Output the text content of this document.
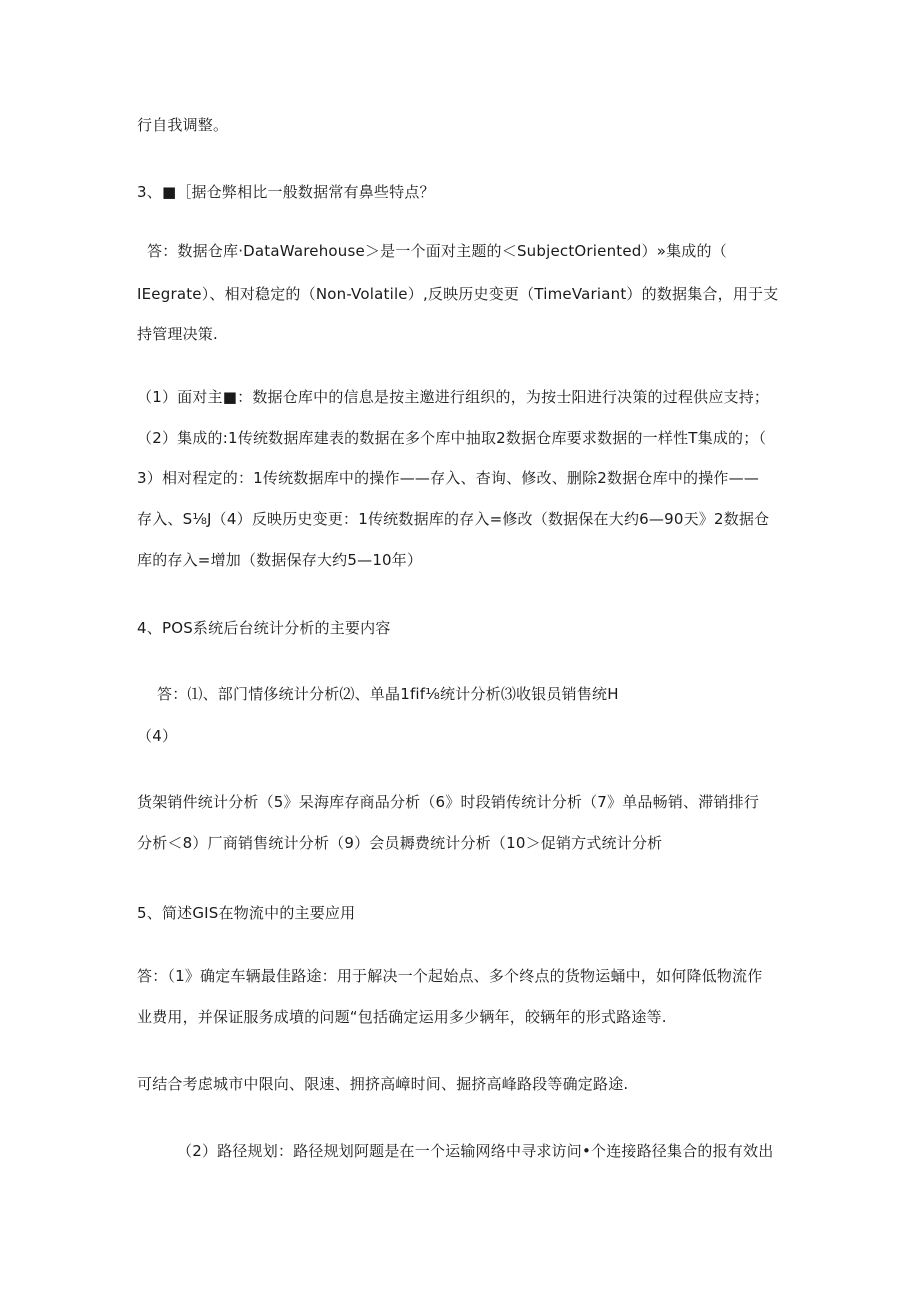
行自我调整。
3、■［据仓弊相比一般数据常有鼻些特点？
答：数据仓库·DataWarehouse＞是一个面对主题的＜SubjectOriented）»集成的（
IEegrate）、相对稳定的（Non-Volatile）,反映历史变更（TimeVariant）的数据集合，用于支
持管理决策.
（1）面对主■：数据仓库中的信息是按主邀进行组织的，为按士阳进行决策的过程供应支持；
（2）集成的:1传统数据库建表的数据在多个库中抽取2数据仓库要求数据的一样性T集成的；（
3）相对程定的：1传统数据库中的操作——存入、杳询、修改、删除2数据仓库中的操作——
存入、S⅛J（4）反映历史变更：1传统数据库的存入=修改（数据保在大约6—90天》2数据仓
库的存入=增加（数据保存大约5—10年）
4、POS系统后台统计分析的主要内容
答：⑴、部门情侈统计分析⑵、单晶1fif⅛统计分析⑶收银员销售统H
（4）
货架销件统计分析（5》呆海库存商品分析（6》时段销传统计分析（7》单品畅销、滞销排行
分析＜8）厂商销售统计分析（9）会员耨费统计分析（10＞促销方式统计分析
5、简述GIS在物流中的主要应用
答：（1》确定车辆最佳路途：用于解决一个起始点、多个终点的货物运蛹中，如何降低物流作
业费用，并保证服务成墳的问题“包括确定运用多少辆年，皎辆年的形式路途等.
可结合考虑城市中限向、限速、拥挤高嶂时间、掘挤高峰路段等确定路途.
（2）路径规划：路径规划阿题是在一个运输网络中寻求访问•个连接路径集合的报有效出
